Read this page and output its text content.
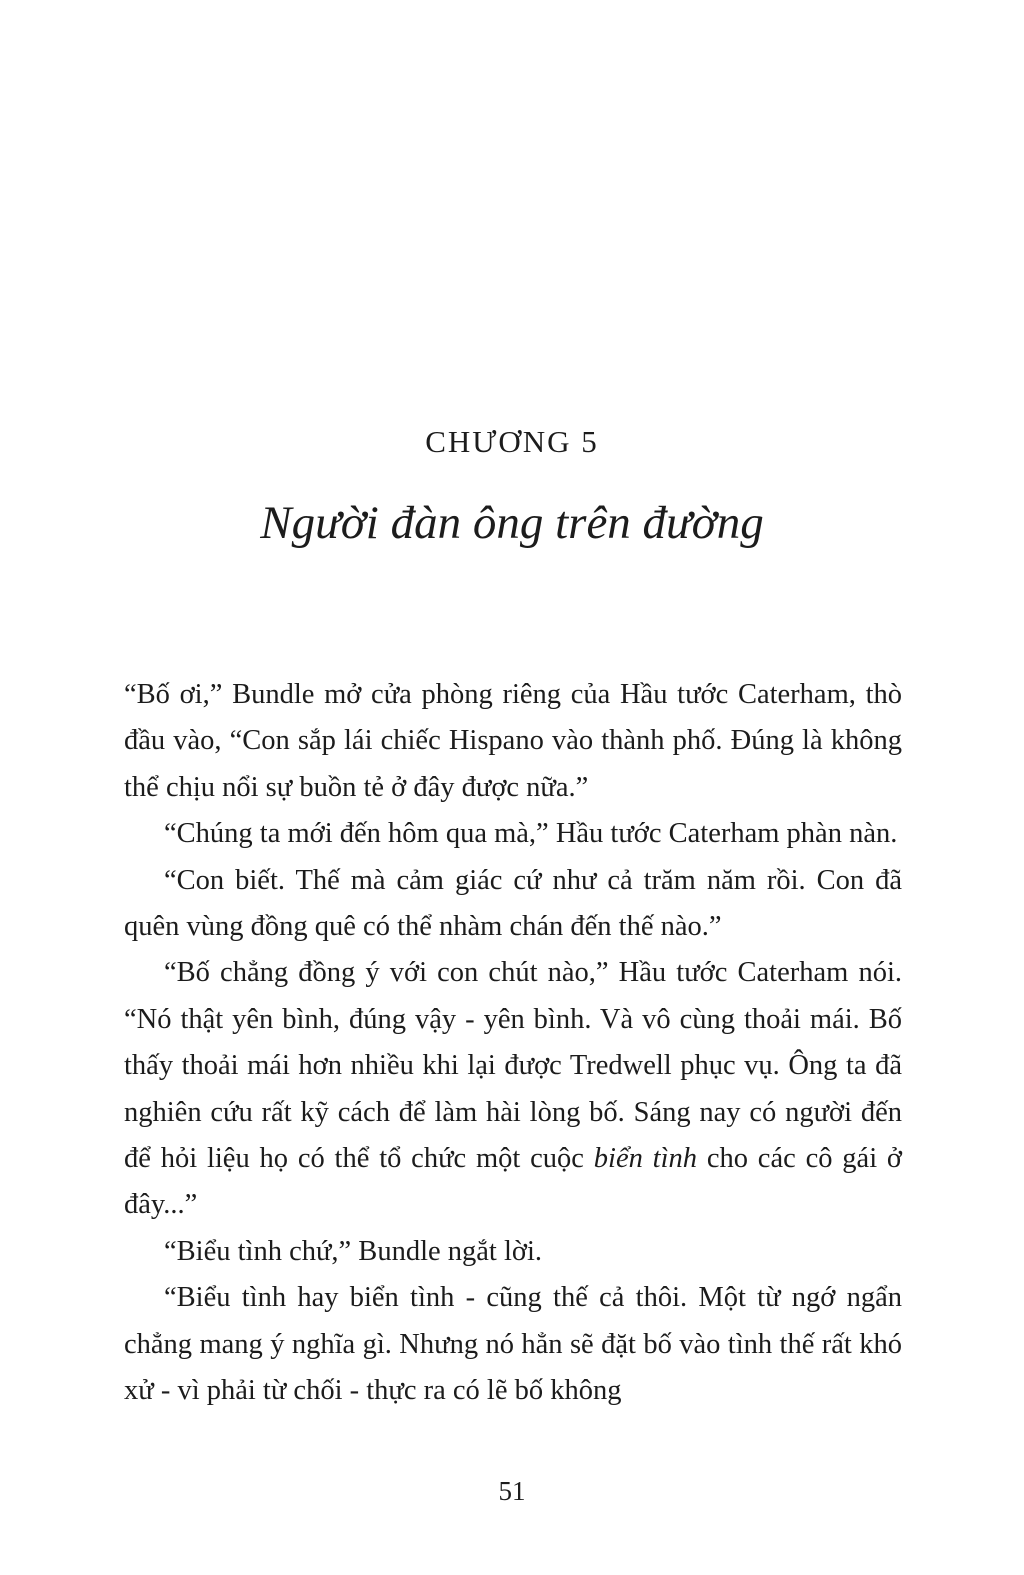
CHƯƠNG 5
Người đàn ông trên đường

“Bố ơi,” Bundle mở cửa phòng riêng của Hầu tước Caterham, thò đầu vào, “Con sắp lái chiếc Hispano vào thành phố. Đúng là không thể chịu nổi sự buồn tẻ ở đây được nữa.”

“Chúng ta mới đến hôm qua mà,” Hầu tước Caterham phàn nàn.

“Con biết. Thế mà cảm giác cứ như cả trăm năm rồi. Con đã quên vùng đồng quê có thể nhàm chán đến thế nào.”

“Bố chẳng đồng ý với con chút nào,” Hầu tước Caterham nói. “Nó thật yên bình, đúng vậy - yên bình. Và vô cùng thoải mái. Bố thấy thoải mái hơn nhiều khi lại được Tredwell phục vụ. Ông ta đã nghiên cứu rất kỹ cách để làm hài lòng bố. Sáng nay có người đến để hỏi liệu họ có thể tổ chức một cuộc biển tình cho các cô gái ở đây...”

“Biểu tình chứ,” Bundle ngắt lời.

“Biểu tình hay biển tình - cũng thế cả thôi. Một từ ngớ ngẩn chẳng mang ý nghĩa gì. Nhưng nó hẳn sẽ đặt bố vào tình thế rất khó xử - vì phải từ chối - thực ra có lẽ bố không

51
